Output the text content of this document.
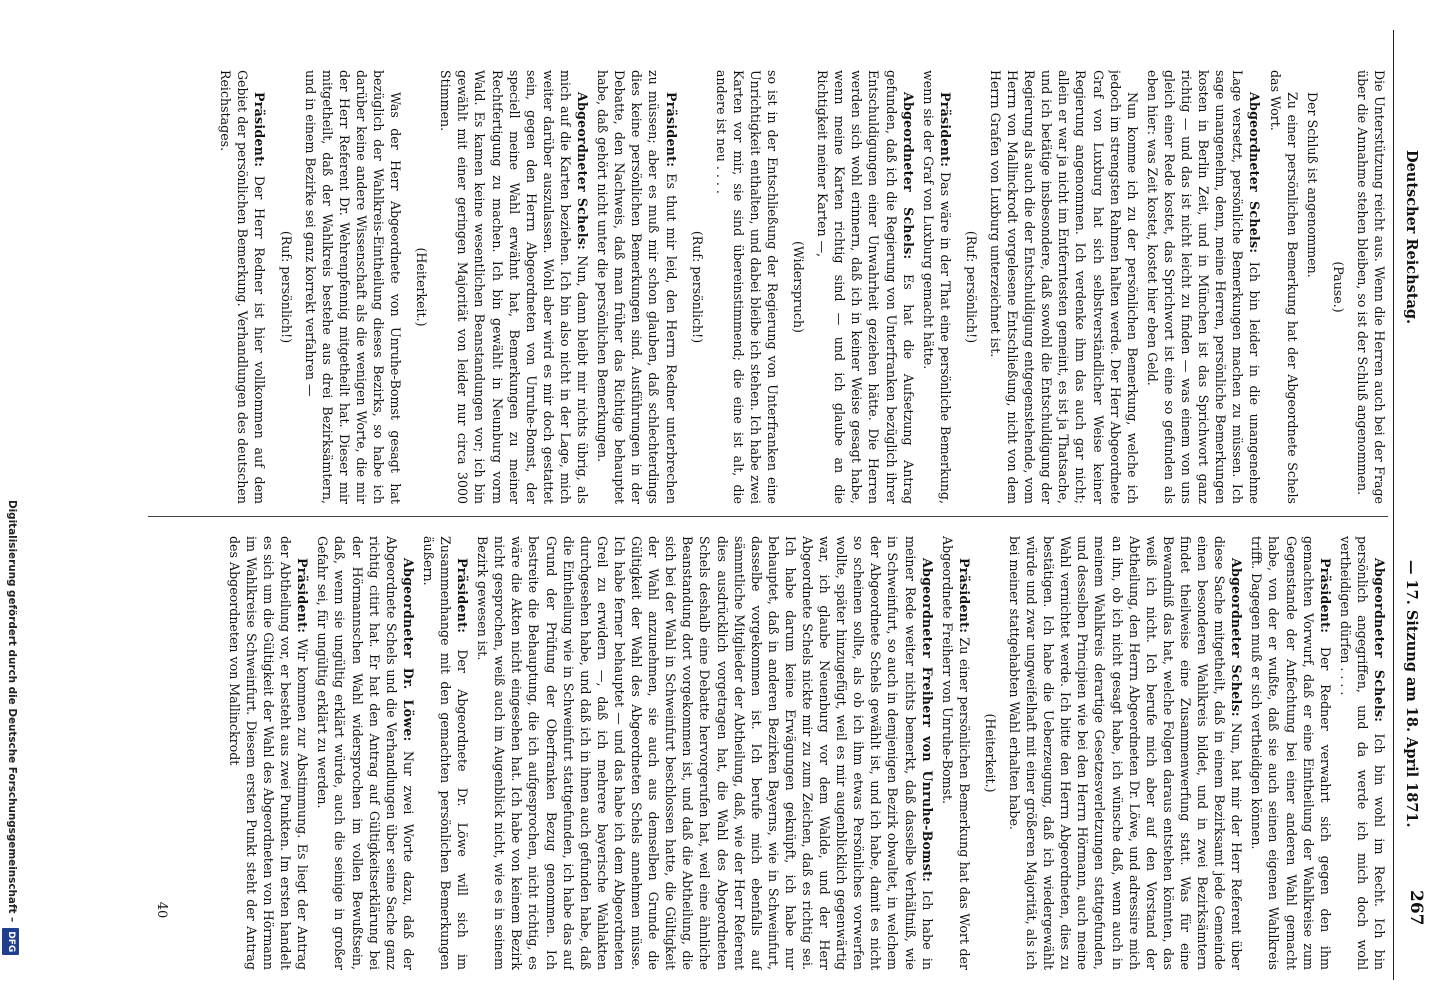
Deutscher Reichstag.
— 17. Sitzung am 18. April 1871.
267

Die Unterstützung reicht aus. Wenn die Herren auch bei der Frage über die Annahme stehen bleiben, so ist der Schluß angenommen.

(Pause.)

Der Schluß ist angenommen.

Zu einer persönlichen Bemerkung hat der Abgeordnete Schels das Wort.

Abgeordneter Schels: Ich bin leider in die unangenehme Lage versetzt, persönliche Bemerkungen machen zu müssen. Ich sage unangenehm, denn, meine Herren, persönliche Bemerkungen kosten in Berlin Zeit, und in München ist das Sprichwort ganz richtig — und das ist nicht leicht zu finden — was einem von uns gleich einer Rede kostet, das Sprichwort ist eine so gefunden als eben hier: was Zeit kostet, kostet hier eben Geld.

Nun komme ich zu der persönlichen Bemerkung, welche ich jedoch im strengsten Rahmen halten werde. Der Herr Abgeordnete Graf von Luxburg hat sich selbstverständlicher Weise keiner Regierung angenommen. Ich verdenke ihm das auch gar nicht; allein er war ja nicht im Entferntesten gemeint, es ist ja Thatsache, und ich betätige insbesondere, daß sowohl die Entschuldigung der Regierung als auch die der Entschuldigung entgegenstehende, vom Herrn von Mallinckrodt vorgelesene Entschließung, nicht von dem Herrn Grafen von Luxburg unterzeichnet ist.

(Ruf: persönlich!)

Präsident: Das wäre in der That eine persönliche Bemerkung, wenn sie der Graf von Luxburg gemacht hätte.

Abgeordneter Schels: Es hat die Aufsetzung Antrag gefunden, daß ich die Regierung von Unterfranken bezüglich ihrer Entschuldigungen einer Unwahrheit geziehen hätte. Die Herren werden sich wohl erinnern, daß ich in keiner Weise gesagt habe, wenn meine Karten richtig sind — und ich glaube an die Richtigkeit meiner Karten —,

(Widerspruch)

so ist in der Entschließung der Regierung von Unterfranken eine Unrichtigkeit enthalten, und dabei bleibe ich stehen. Ich habe zwei Karten vor mir, sie sind übereinstimmend; die eine ist alt, die andere ist neu . . . .

(Ruf: persönlich!)

Präsident: Es thut mir leid, den Herrn Redner unterbrechen zu müssen; aber es muß mir schon glauben, daß schlechterdings dies keine persönlichen Bemerkungen sind. Ausführungen in der Debatte, den Nachweis, daß man früher das Richtige behauptet habe, daß gehört nicht unter die persönlichen Bemerkungen.

Abgeordneter Schels: Nun, dann bleibt mir nichts übrig, als mich auf die Karten beziehen. Ich bin also nicht in der Lage, mich weiter darüber auszulassen. Wohl aber wird es mir doch gestattet sein, gegen den Herrn Abgeordneten von Unruhe-Bomst, der speciell meine Wahl erwähnt hat, Bemerkungen zu meiner Rechtfertigung zu machen. Ich bin gewählt in Neunburg vorm Wald. Es kamen keine wesentlichen Beanstandungen vor; ich bin gewählt mit einer geringen Majorität von leider nur circa 3000 Stimmen.

(Heiterkeit.)

Was der Herr Abgeordnete von Unruhe-Bomst gesagt hat bezüglich der Wahlkreis-Eintheilung dieses Bezirks, so habe ich darüber keine andere Wissenschaft als die wenigen Worte, die mir der Herr Referent Dr. Wehrenpfennig mitgetheilt hat. Dieser mir mitgetheilt, daß der Wahlkreis bestehe aus drei Bezirksämtern, und in einem Bezirke sei ganz korrekt verfahren —

(Ruf: persönlich!)

Präsident: Der Herr Redner ist hier vollkommen auf dem Gebiet der persönlichen Bemerkung. Verhandlungen des deutschen Reichstages.

Abgeordneter Schels: Ich bin wohl im Recht. Ich bin persönlich angegriffen, und da werde ich mich doch wohl vertheidigen dürfen . . . .

Präsident: Der Redner verwahrt sich gegen den ihm gemachten Vorwurf, daß er eine Eintheilung der Wahlkreise zum Gegenstande der Anfechtung bei einer anderen Wahl gemacht habe, von der er wußte, daß sie auch seinen eigenen Wahlkreis trifft. Dagegen muß er sich vertheidigen können.

Abgeordneter Schels: Nun, hat mir der Herr Referent über diese Sache mitgetheilt, daß in einem Bezirksamt jede Gemeinde einen besonderen Wahlkreis bildet, und in zwei Bezirksämtern findet theilweise eine Zusammenwerfung statt. Was für eine Bewandniß das hat, welche Folgen daraus entstehen könnten, das weiß ich nicht. Ich berufe mich aber auf den Vorstand der Abtheilung, den Herrn Abgeordneten Dr. Löwe, und adressire mich an ihn, ob ich nicht gesagt habe, ich wünsche daß, wenn auch in meinem Wahlkreis derartige Gesetzesverletzungen stattgefunden, und desselben Principien wie bei den Herrn Hörmann, auch meine Wahl vernichtet werde. Ich bitte den Herrn Abgeordneten, dies zu bestätigen. Ich habe die Ueberzeugung, daß ich wiedergewählt würde und zwar ungweifelhaft mit einer größeren Majorität, als ich bei meiner stattgehabten Wahl erhalten habe.

(Heiterkeit.)

Präsident: Zu einer persönlichen Bemerkung hat das Wort der Abgeordnete Freiherr von Unruhe-Bomst.

Abgeordneter Freiherr von Unruhe-Bomst: Ich habe in meiner Rede weiter nichts bemerkt, daß dasselbe Verhältniß, wie in Schweinfurt, so auch in demjenigen Bezirk obwaltet, in welchem der Abgeordnete Schels gewählt ist, und ich habe, damit es nicht so scheinen sollte, als ob ich ihm etwas Persönliches vorwerfen wollte, später hinzugefügt, weil es mir augenblicklich gegenwärtig war, ich glaube Neuenburg vor dem Walde, und der Herr Abgeordnete Schels nickte mir zu zum Zeichen, daß es richtig sei. Ich habe darum keine Erwägungen geknüpft, ich habe nur behauptet, daß in anderen Bezirken Bayerns, wie in Schweinfurt, dasselbe vorgekommen ist. Ich berufe mich ebenfalls auf sämmtliche Mitglieder der Abtheilung, daß, wie der Herr Referent dies ausdrücklich vorgetragen hat, die Wahl des Abgeordneten Schels deshalb eine Debatte hervorgerufen hat, weil eine ähnliche Beanstandung dort vorgekommen ist, und daß die Abtheilung, die sich bei der Wahl in Schweinfurt beschlossen hatte, die Gültigkeit der Wahl anzunehmen, sie auch aus demselben Grunde die Gültigkeit der Wahl des Abgeordneten Schels annehmen müsse. Ich habe ferner behauptet — und das habe ich dem Abgeordneten Greil zu erwidern —, daß ich mehrere bayerische Wahlakten durchgesehen habe, und daß ich in ihnen auch gefunden habe, daß die Eintheilung wie in Schweinfurt stattgefunden, ich habe das auf Grund der Prüfung der Oberfranken Bezug genommen. Ich bestreite die Behauptung, die ich aufgesprochen, nicht richtig, es wäre die Akten nicht eingesehen hat. Ich habe von keinem Bezirk nicht gesprochen, weiß auch im Augenblick nicht, wie es in seinem Bezirk gewesen ist.

Präsident: Der Abgeordnete Dr. Löwe will sich im Zusammenhange mit den gemachten persönlichen Bemerkungen äußern.

Abgeordneter Dr. Löwe: Nur zwei Worte dazu, daß der Abgeordnete Schels und die Verhandlungen über seine Sache ganz richtig citirt hat. Er hat den Antrag auf Gültigkeitserklärung bei der Hörmannschen Wahl widersprochen im vollen Bewußtsein, daß, wenn sie ungültig erklärt würde, auch die seinige in großer Gefahr sei, für ungültig erklärt zu werden.

Präsident: Wir kommen zur Abstimmung. Es liegt der Antrag der Abtheilung vor, er besteht aus zwei Punkten. Im ersten handelt es sich um die Gültigkeit der Wahl des Abgeordneten von Hörmann im Wahlkreise Schweinfurt. Diesem ersten Punkt steht der Antrag des Abgeordneten von Mallinckrodt

40
Digitalisierung gefördert durch die Deutsche Forschungsgemeinschaft –DFG
